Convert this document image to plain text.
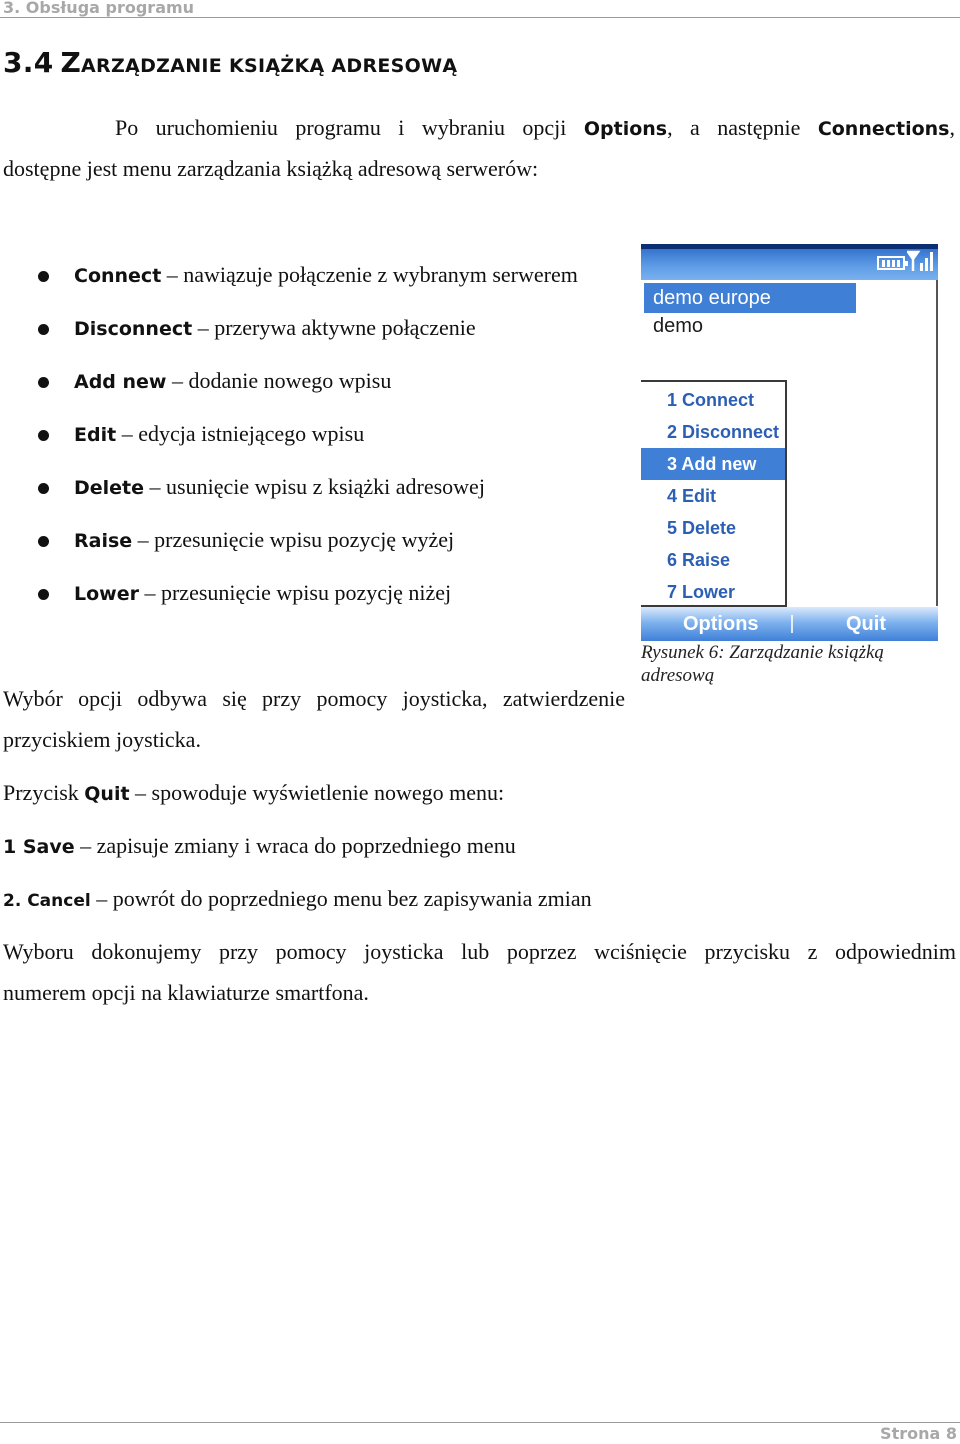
3. Obsługa programu
3.4 ZARZĄDZANIE KSIĄŻKĄ ADRESOWĄ
Po uruchomieniu programu i wybraniu opcji Options, a następnie Connections,
dostępne jest menu zarządzania książką adresową serwerów:
Connect – nawiązuje połączenie z wybranym serwerem
Disconnect – przerywa aktywne połączenie
Add new – dodanie nowego wpisu
Edit – edycja istniejącego wpisu
Delete – usunięcie wpisu z książki adresowej
Raise – przesunięcie wpisu pozycję wyżej
Lower – przesunięcie wpisu pozycję niżej
demo europe
demo
1 Connect
2 Disconnect
3 Add new
4 Edit
5 Delete
6 Raise
7 Lower
Options	Quit
Rysunek 6: Zarządzanie książką
adresową
Wybór opcji odbywa się przy pomocy joysticka, zatwierdzenie
przyciskiem joysticka.
Przycisk Quit – spowoduje wyświetlenie nowego menu:
1 Save – zapisuje zmiany i wraca do poprzedniego menu
2. Cancel – powrót do poprzedniego menu bez zapisywania zmian
Wyboru dokonujemy przy pomocy joysticka lub poprzez wciśnięcie przycisku z odpowiednim
numerem opcji na klawiaturze smartfona.
Strona 8
